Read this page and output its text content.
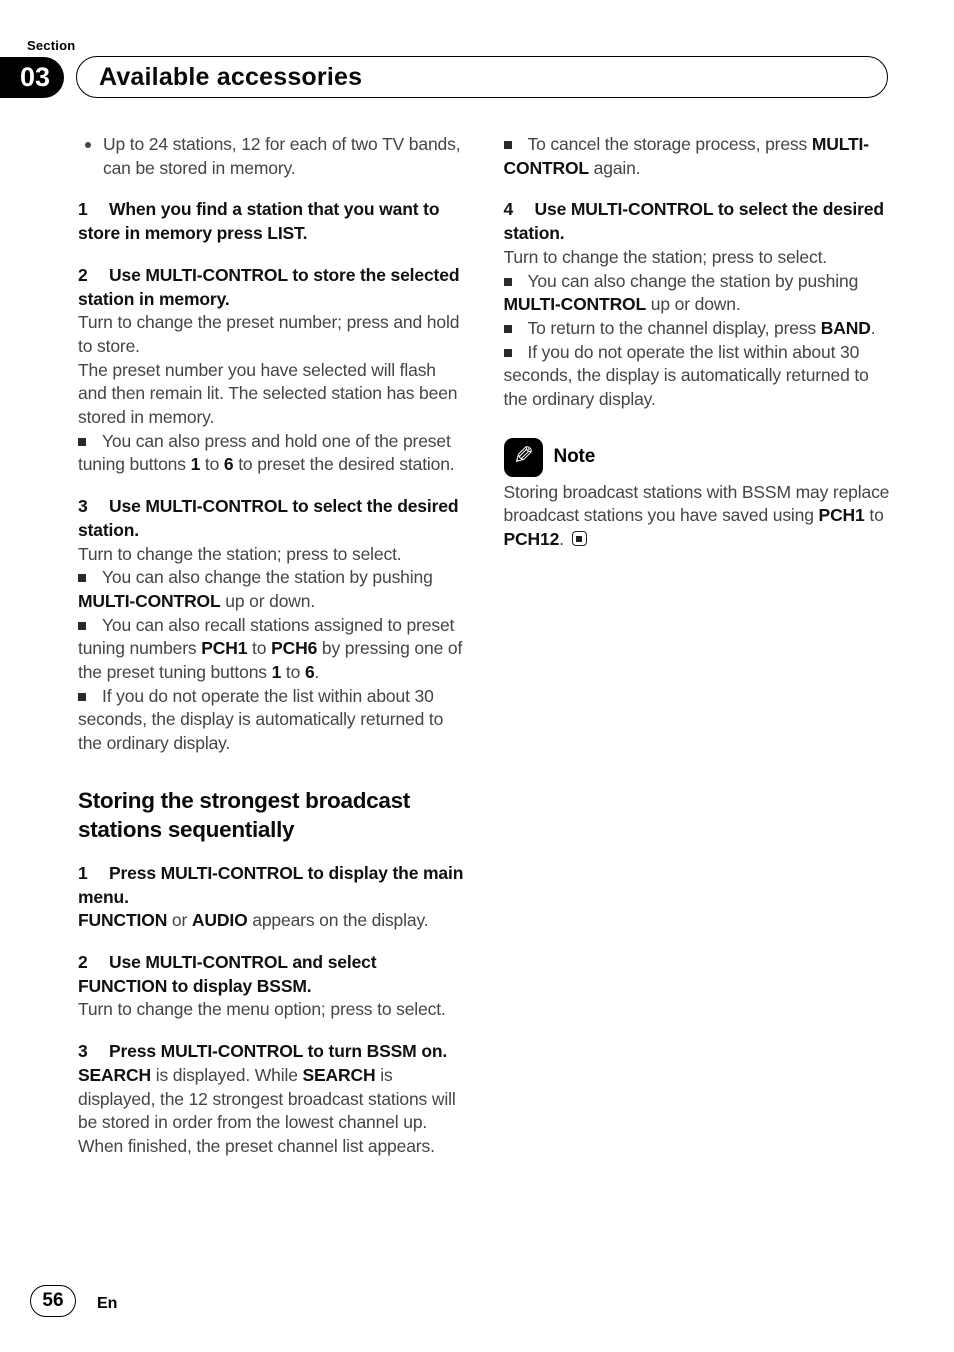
Section
03	Available accessories

Up to 24 stations, 12 for each of two TV bands, can be stored in memory.

1 When you find a station that you want to store in memory press LIST.

2 Use MULTI-CONTROL to store the selected station in memory.

Turn to change the preset number; press and hold to store.

The preset number you have selected will flash and then remain lit. The selected station has been stored in memory.

You can also press and hold one of the preset tuning buttons 1 to 6 to preset the desired station.

3 Use MULTI-CONTROL to select the desired station.

Turn to change the station; press to select.

You can also change the station by pushing MULTI-CONTROL up or down.

You can also recall stations assigned to preset tuning numbers PCH1 to PCH6 by pressing one of the preset tuning buttons 1 to 6.

If you do not operate the list within about 30 seconds, the display is automatically returned to the ordinary display.

Storing the strongest broadcast stations sequentially

1 Press MULTI-CONTROL to display the main menu.

FUNCTION or AUDIO appears on the display.

2 Use MULTI-CONTROL and select FUNCTION to display BSSM.

Turn to change the menu option; press to select.

3 Press MULTI-CONTROL to turn BSSM on.

SEARCH is displayed. While SEARCH is displayed, the 12 strongest broadcast stations will be stored in order from the lowest channel up. When finished, the preset channel list appears.

To cancel the storage process, press MULTI-CONTROL again.

4 Use MULTI-CONTROL to select the desired station.

Turn to change the station; press to select.

You can also change the station by pushing MULTI-CONTROL up or down.

To return to the channel display, press BAND.

If you do not operate the list within about 30 seconds, the display is automatically returned to the ordinary display.

✎ Note

Storing broadcast stations with BSSM may replace broadcast stations you have saved using PCH1 to PCH12.

56	En
